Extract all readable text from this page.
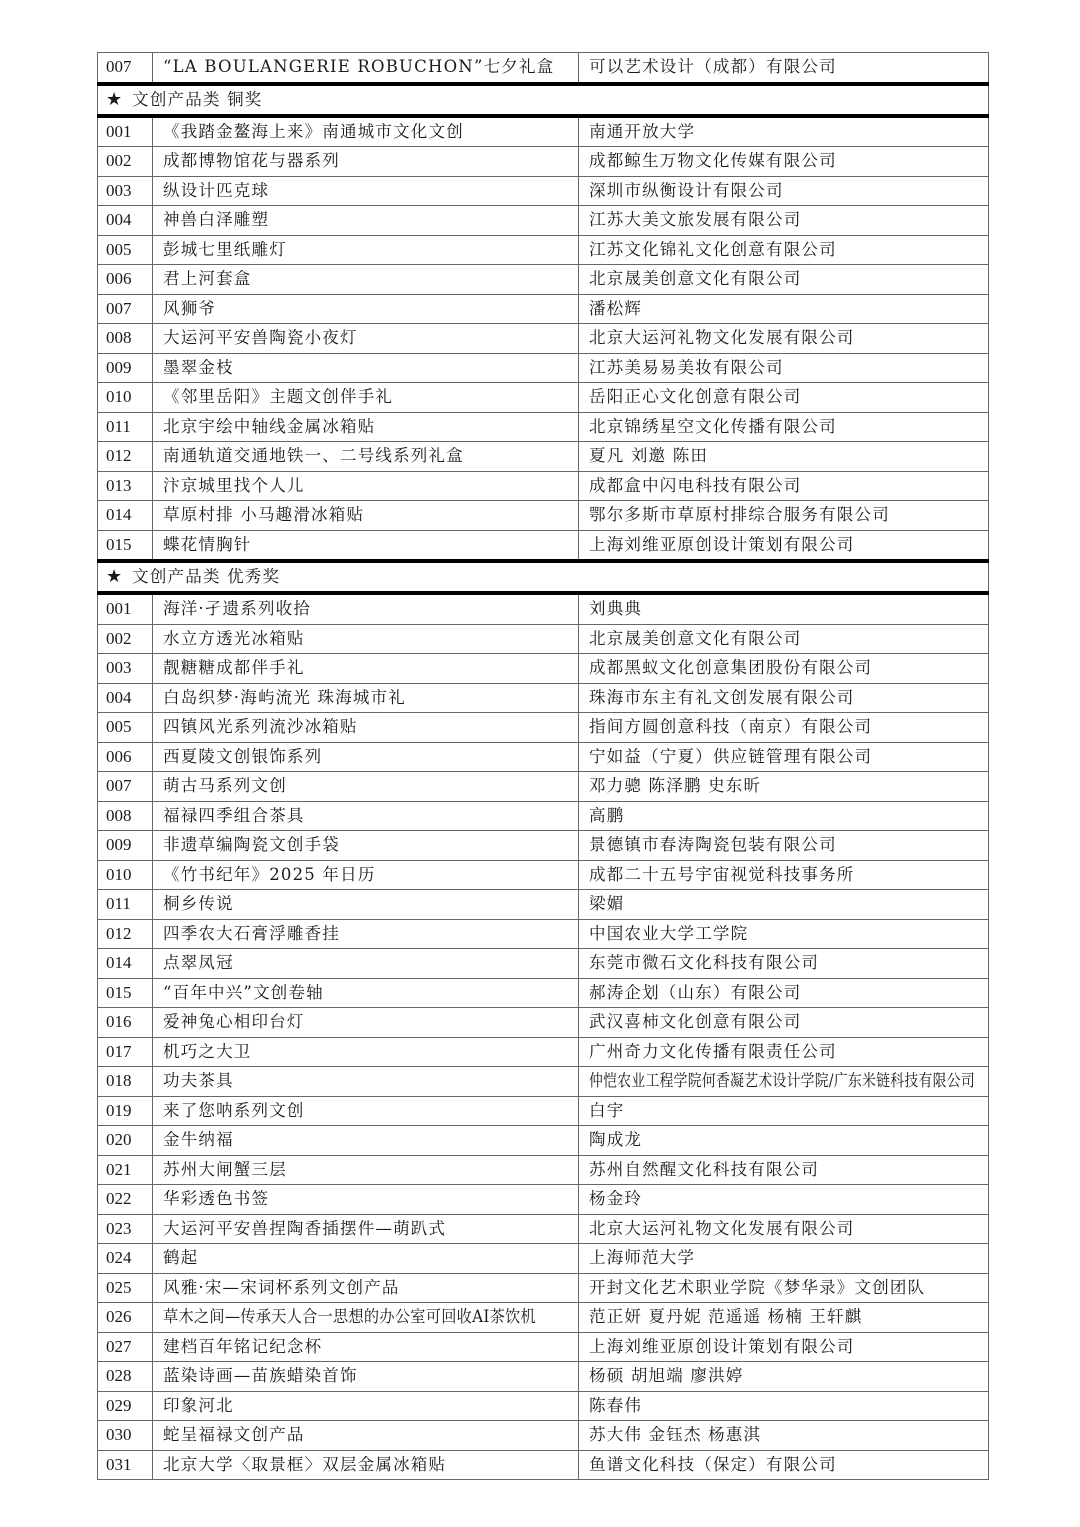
007	“LA BOULANGERIE ROBUCHON”七夕礼盒	可以艺术设计（成都）有限公司
★ 文创产品类 铜奖		
001	《我踏金鳌海上来》南通城市文化文创	南通开放大学
002	成都博物馆花与器系列	成都鲸生万物文化传媒有限公司
003	纵设计匹克球	深圳市纵衡设计有限公司
004	神兽白泽雕塑	江苏大美文旅发展有限公司
005	彭城七里纸雕灯	江苏文化锦礼文化创意有限公司
006	君上河套盒	北京晟美创意文化有限公司
007	风狮爷	潘松辉
008	大运河平安兽陶瓷小夜灯	北京大运河礼物文化发展有限公司
009	墨翠金枝	江苏美易易美妆有限公司
010	《邻里岳阳》主题文创伴手礼	岳阳正心文化创意有限公司
011	北京宇绘中轴线金属冰箱贴	北京锦绣星空文化传播有限公司
012	南通轨道交通地铁一、二号线系列礼盒	夏凡 刘邀 陈田
013	汴京城里找个人儿	成都盒中闪电科技有限公司
014	草原村排 小马趣滑冰箱贴	鄂尔多斯市草原村排综合服务有限公司
015	蝶花情胸针	上海刘维亚原创设计策划有限公司
★ 文创产品类 优秀奖		
001	海洋·孑遗系列收拾	刘典典
002	水立方透光冰箱贴	北京晟美创意文化有限公司
003	靓糖糖成都伴手礼	成都黑蚁文化创意集团股份有限公司
004	白岛织梦·海屿流光 珠海城市礼	珠海市东主有礼文创发展有限公司
005	四镇风光系列流沙冰箱贴	指间方圆创意科技（南京）有限公司
006	西夏陵文创银饰系列	宁如益（宁夏）供应链管理有限公司
007	萌古马系列文创	邓力骢 陈泽鹏 史东昕
008	福禄四季组合茶具	高鹏
009	非遗草编陶瓷文创手袋	景德镇市春涛陶瓷包装有限公司
010	《竹书纪年》2025 年日历	成都二十五号宇宙视觉科技事务所
011	桐乡传说	梁媚
012	四季农大石膏浮雕香挂	中国农业大学工学院
014	点翠凤冠	东莞市微石文化科技有限公司
015	“百年中兴”文创卷轴	郝涛企划（山东）有限公司
016	爱神兔心相印台灯	武汉喜柿文化创意有限公司
017	机巧之大卫	广州奇力文化传播有限责任公司
018	功夫茶具	仲恺农业工程学院何香凝艺术设计学院/广东米链科技有限公司
019	来了您呐系列文创	白宇
020	金牛纳福	陶成龙
021	苏州大闸蟹三层	苏州自然醒文化科技有限公司
022	华彩透色书签	杨金玲
023	大运河平安兽捏陶香插摆件—萌趴式	北京大运河礼物文化发展有限公司
024	鹤起	上海师范大学
025	风雅·宋—宋词杯系列文创产品	开封文化艺术职业学院《梦华录》文创团队
026	草木之间—传承天人合一思想的办公室可回收AI茶饮机	范正妍 夏丹妮 范遥遥 杨楠 王轩麒
027	建档百年铭记纪念杯	上海刘维亚原创设计策划有限公司
028	蓝染诗画—苗族蜡染首饰	杨硕 胡旭端 廖洪婷
029	印象河北	陈春伟
030	蛇呈福禄文创产品	苏大伟 金钰杰 杨惠淇
031	北京大学〈取景框〉双层金属冰箱贴	鱼谱文化科技（保定）有限公司
